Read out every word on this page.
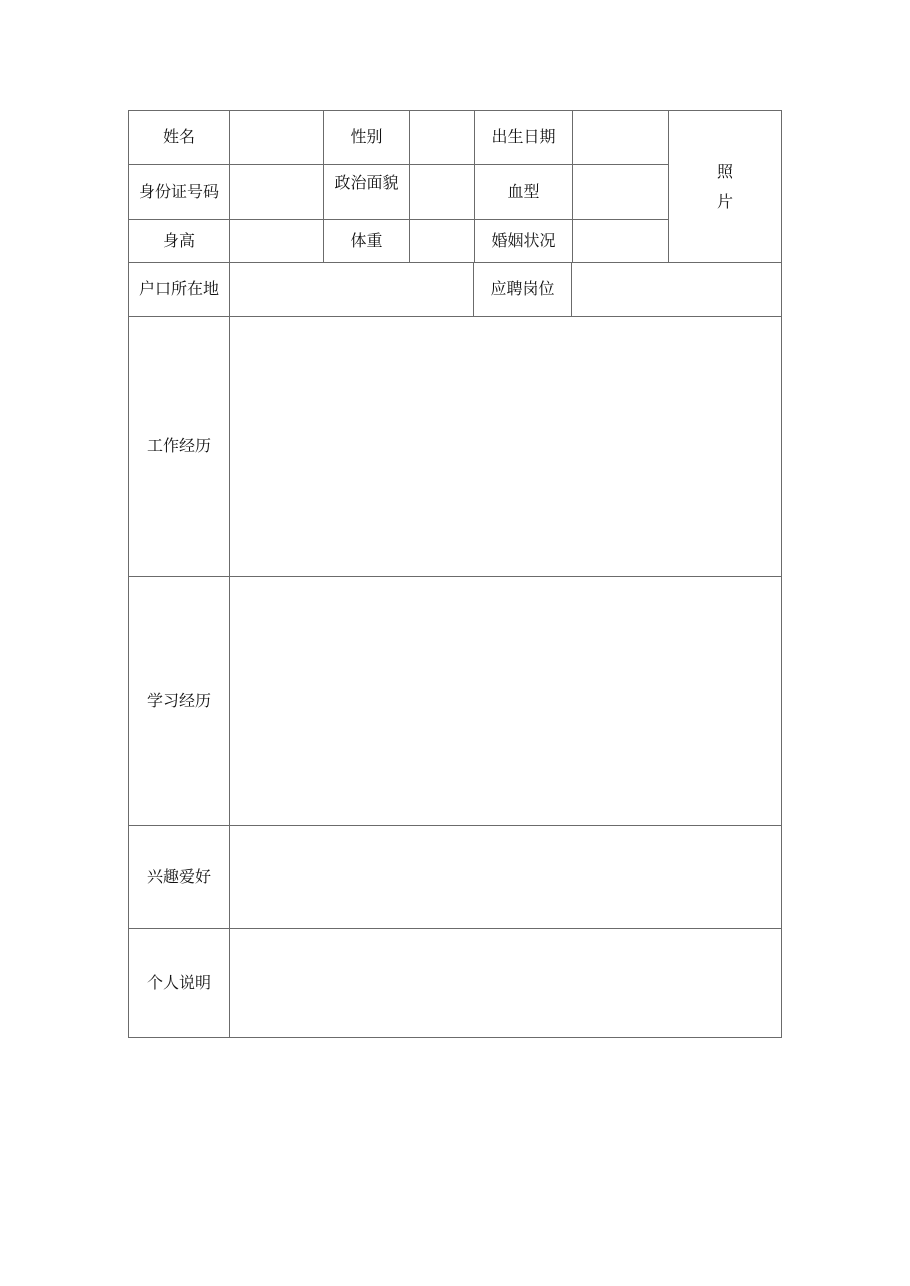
姓名	性别	出生日期
照
片
身份证号码	政治面貌	血型
身高	体重	婚姻状况
户口所在地	应聘岗位
工作经历
学习经历
兴趣爱好
个人说明
